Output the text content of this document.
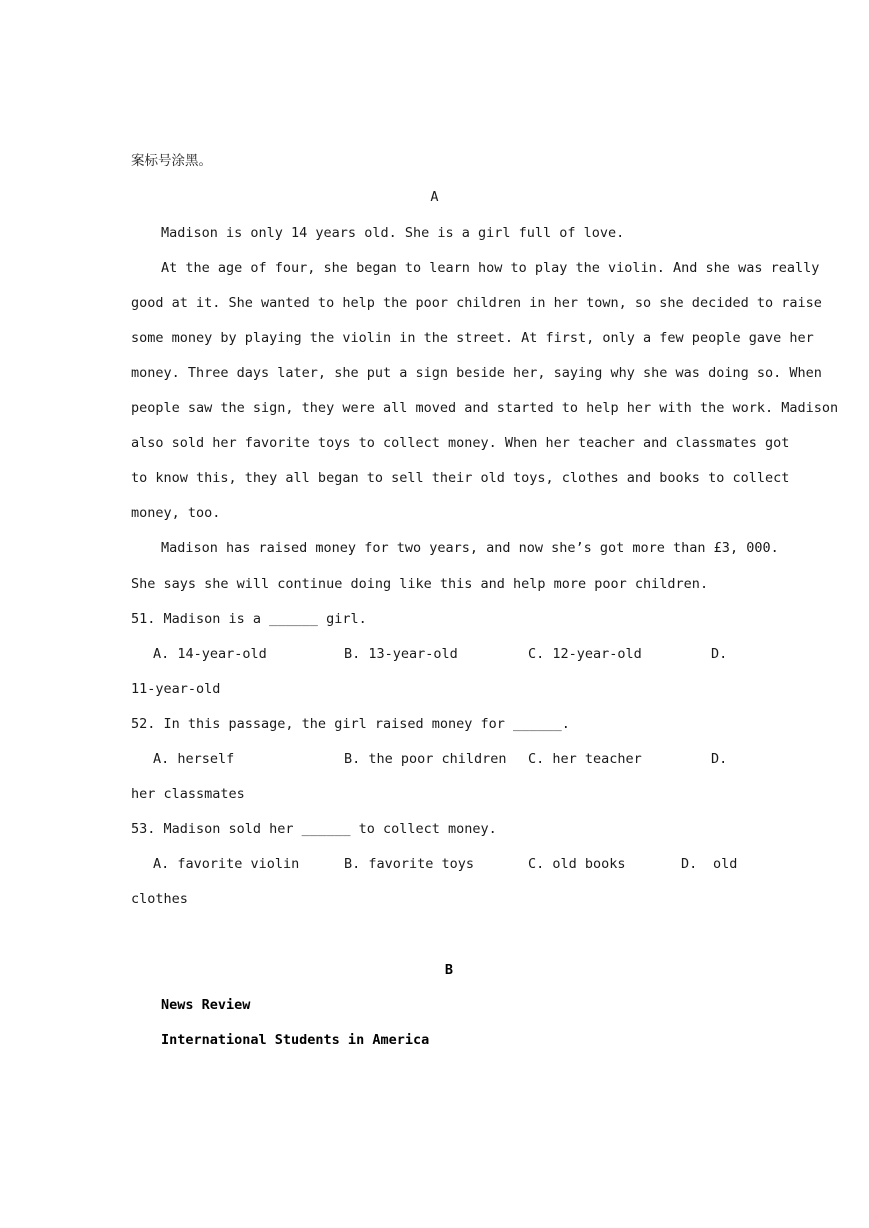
案标号涂黑。
A
Madison is only 14 years old. She is a girl full of love.
At the age of four, she began to learn how to play the violin. And she was really
good at it. She wanted to help the poor children in her town, so she decided to raise
some money by playing the violin in the street. At first, only a few people gave her
money. Three days later, she put a sign beside her, saying why she was doing so. When
people saw the sign, they were all moved and started to help her with the work. Madison
also sold her favorite toys to collect money. When her teacher and classmates got
to know this, they all began to sell their old toys, clothes and books to collect
money, too.
Madison has raised money for two years, and now she’s got more than £3, 000.
She says she will continue doing like this and help more poor children.
51. Madison is a ______ girl.
A. 14-year-old	B. 13-year-old	C. 12-year-old	D.
11-year-old
52. In this passage, the girl raised money for ______.
A. herself	B. the poor children C. her teacher	D.
her classmates
53. Madison sold her ______ to collect money.
A. favorite violin	B. favorite toys	C. old books	D. old
clothes
B
News Review
International Students in America
